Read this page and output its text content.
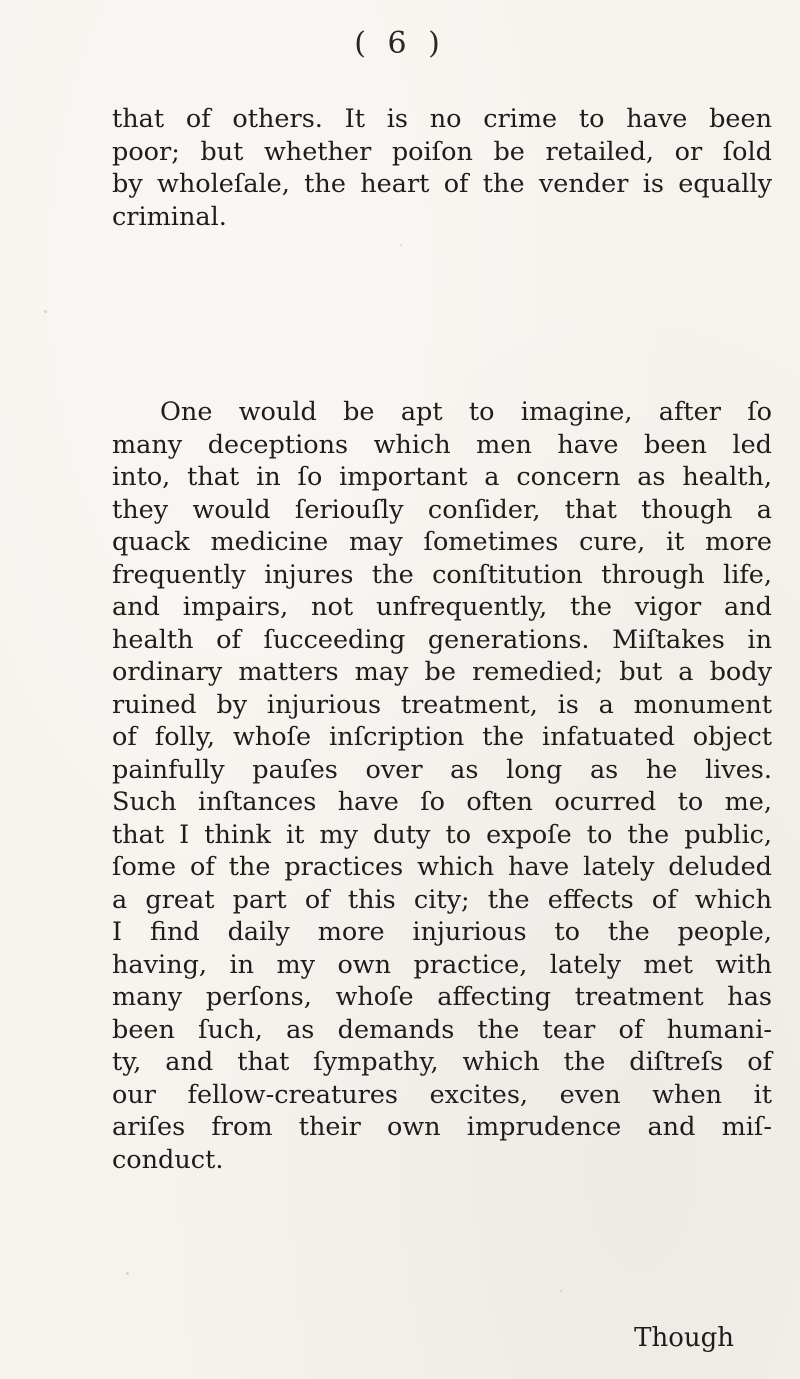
( 6 )
that of others. It is no crime to have been
poor; but whether poiſon be retailed, or ſold
by wholeſale, the heart of the vender is equally
criminal.
One would be apt to imagine, after ſo
many deceptions which men have been led
into, that in ſo important a concern as health,
they would ſeriouſly conſider, that though a
quack medicine may ſometimes cure, it more
frequently injures the conſtitution through life,
and impairs, not unfrequently, the vigor and
health of ſucceeding generations. Miſtakes in
ordinary matters may be remedied; but a body
ruined by injurious treatment, is a monument
of folly, whoſe inſcription the infatuated object
painfully pauſes over as long as he lives.
Such inſtances have ſo often ocurred to me,
that I think it my duty to expoſe to the public,
ſome of the practices which have lately deluded
a great part of this city; the effects of which
I find daily more injurious to the people,
having, in my own practice, lately met with
many perſons, whoſe affecting treatment has
been ſuch, as demands the tear of humani-
ty, and that ſympathy, which the diſtreſs of
our fellow-creatures excites, even when it
ariſes from their own imprudence and miſ-
conduct.
Though
